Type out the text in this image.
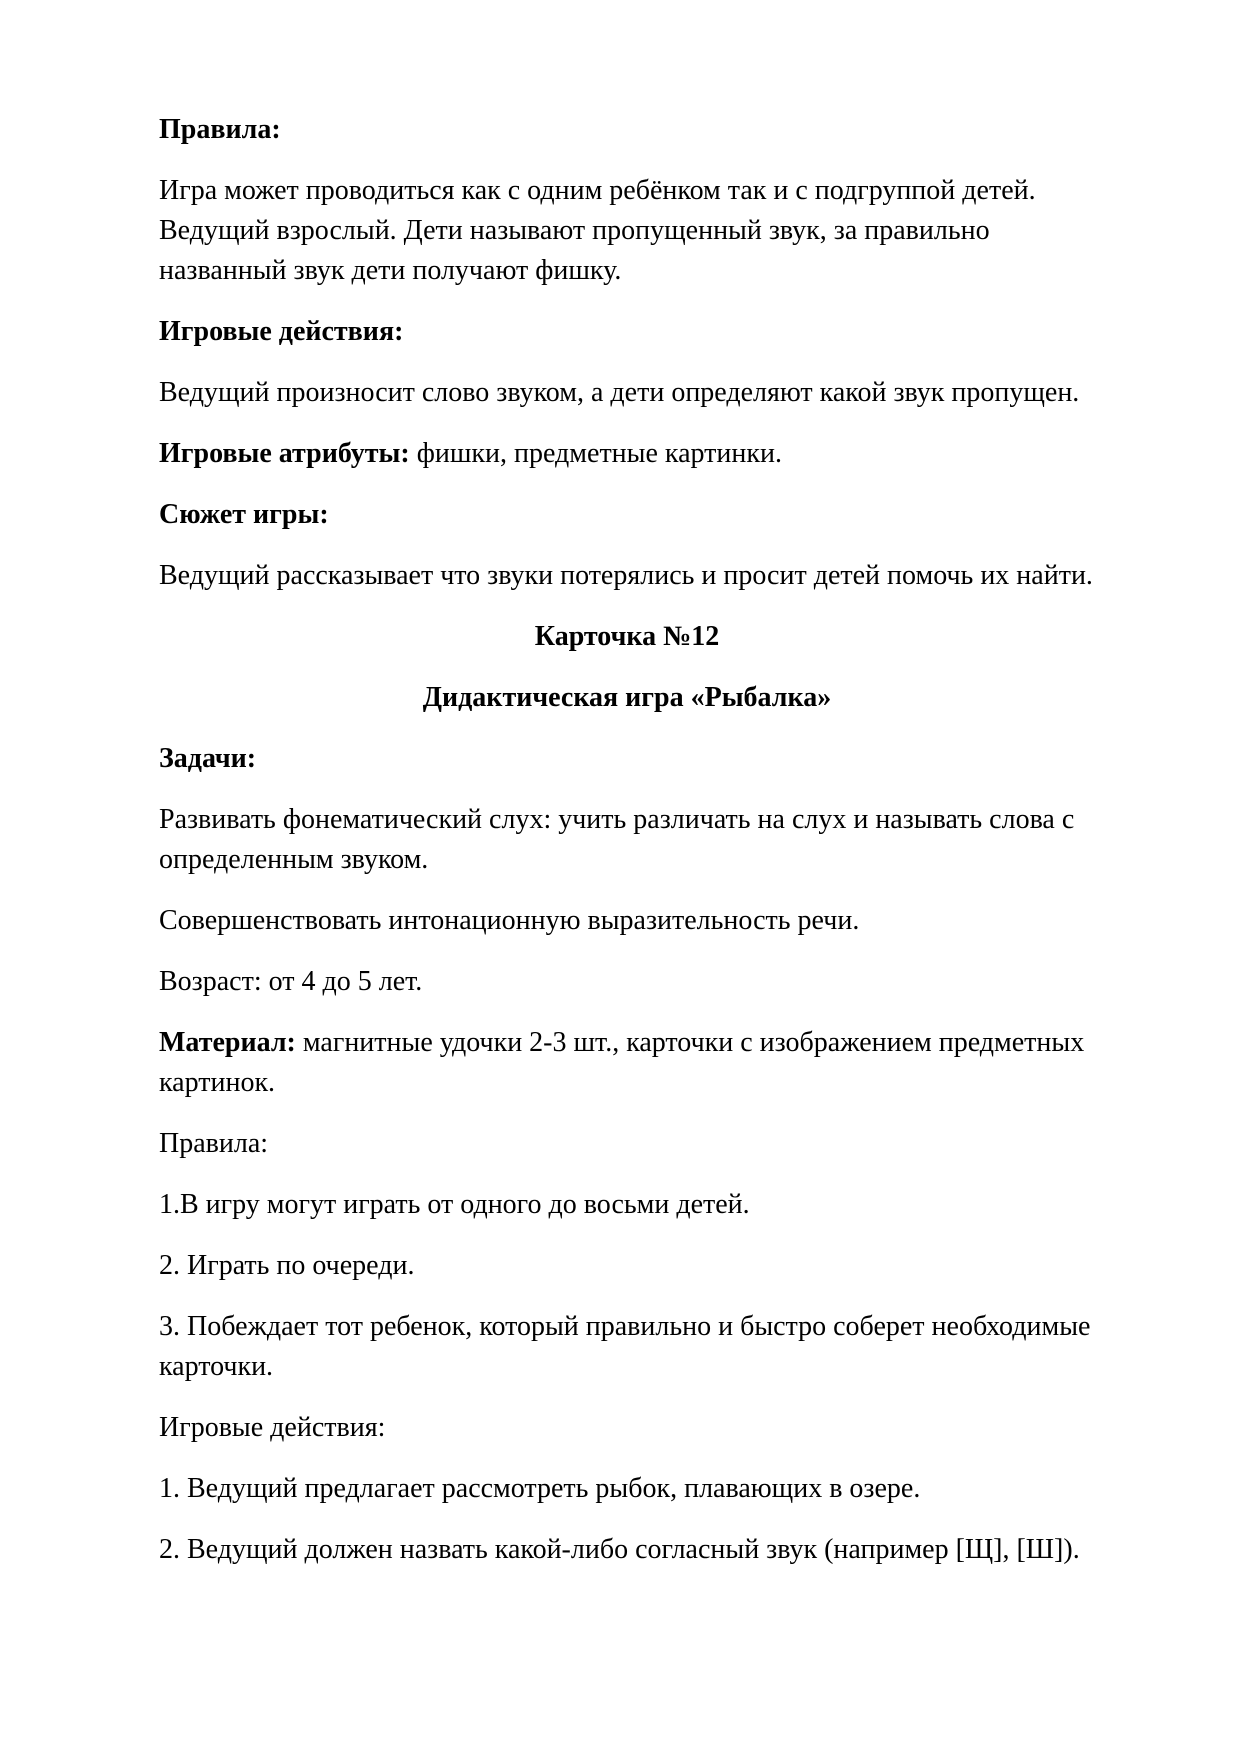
Правила:

Игра может проводиться как с одним ребёнком так и с подгруппой детей. Ведущий взрослый. Дети называют пропущенный звук, за правильно названный звук дети получают фишку.

Игровые действия:

Ведущий произносит слово звуком, а дети определяют какой звук пропущен.

Игровые атрибуты: фишки, предметные картинки.

Сюжет игры:

Ведущий рассказывает что звуки потерялись и просит детей помочь их найти.

Карточка №12

Дидактическая игра «Рыбалка»

Задачи:

Развивать фонематический слух: учить различать на слух и называть слова с определенным звуком.

Совершенствовать интонационную выразительность речи.

Возраст: от 4 до 5 лет.

Материал: магнитные удочки 2-3 шт., карточки с изображением предметных картинок.

Правила:

1.В игру могут играть от одного до восьми детей.

2. Играть по очереди.

3. Побеждает тот ребенок, который правильно и быстро соберет необходимые карточки.

Игровые действия:

1. Ведущий предлагает рассмотреть рыбок, плавающих в озере.

2. Ведущий должен назвать какой-либо согласный звук (например [Щ], [Ш]).
